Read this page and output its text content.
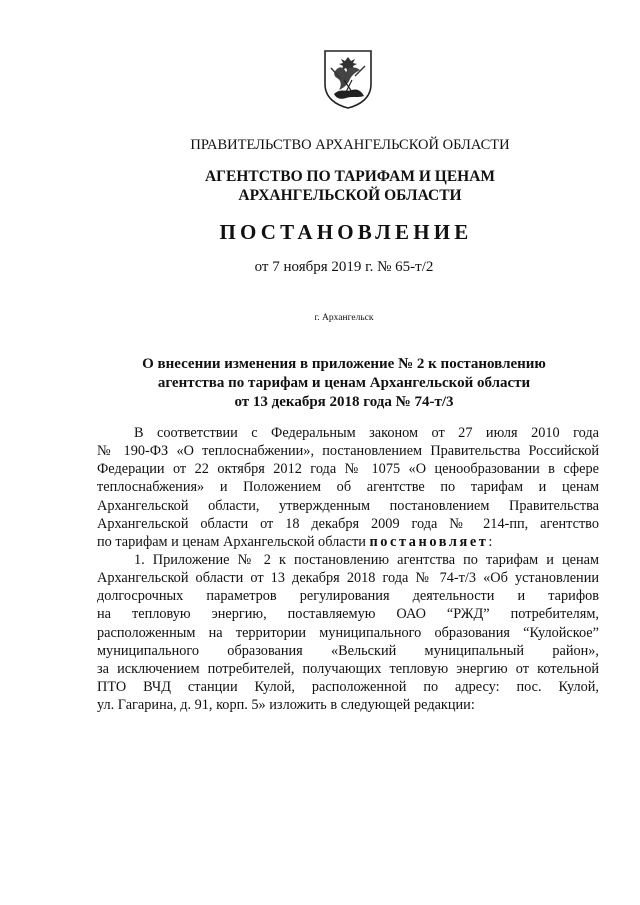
ПРАВИТЕЛЬСТВО АРХАНГЕЛЬСКОЙ ОБЛАСТИ
АГЕНТСТВО ПО ТАРИФАМ И ЦЕНАМ
АРХАНГЕЛЬСКОЙ ОБЛАСТИ
ПОСТАНОВЛЕНИЕ
от 7 ноября 2019 г. № 65-т/2
г. Архангельск
О внесении изменения в приложение № 2 к постановлению
агентства по тарифам и ценам Архангельской области
от 13 декабря 2018 года № 74-т/3
В соответствии с Федеральным законом от 27 июля 2010 года
№ 190-ФЗ «О теплоснабжении», постановлением Правительства Российской
Федерации от 22 октября 2012 года № 1075 «О ценообразовании в сфере
теплоснабжения» и Положением об агентстве по тарифам и ценам
Архангельской области, утвержденным постановлением Правительства
Архангельской области от 18 декабря 2009 года № 214-пп, агентство
по тарифам и ценам Архангельской области постановляет:
1. Приложение № 2 к постановлению агентства по тарифам и ценам
Архангельской области от 13 декабря 2018 года № 74-т/3 «Об установлении
долгосрочных параметров регулирования деятельности и тарифов
на тепловую энергию, поставляемую ОАО “РЖД” потребителям,
расположенным на территории муниципального образования “Кулойское”
муниципального образования «Вельский муниципальный район»,
за исключением потребителей, получающих тепловую энергию от котельной
ПТО ВЧД станции Кулой, расположенной по адресу: пос. Кулой,
ул. Гагарина, д. 91, корп. 5» изложить в следующей редакции:
